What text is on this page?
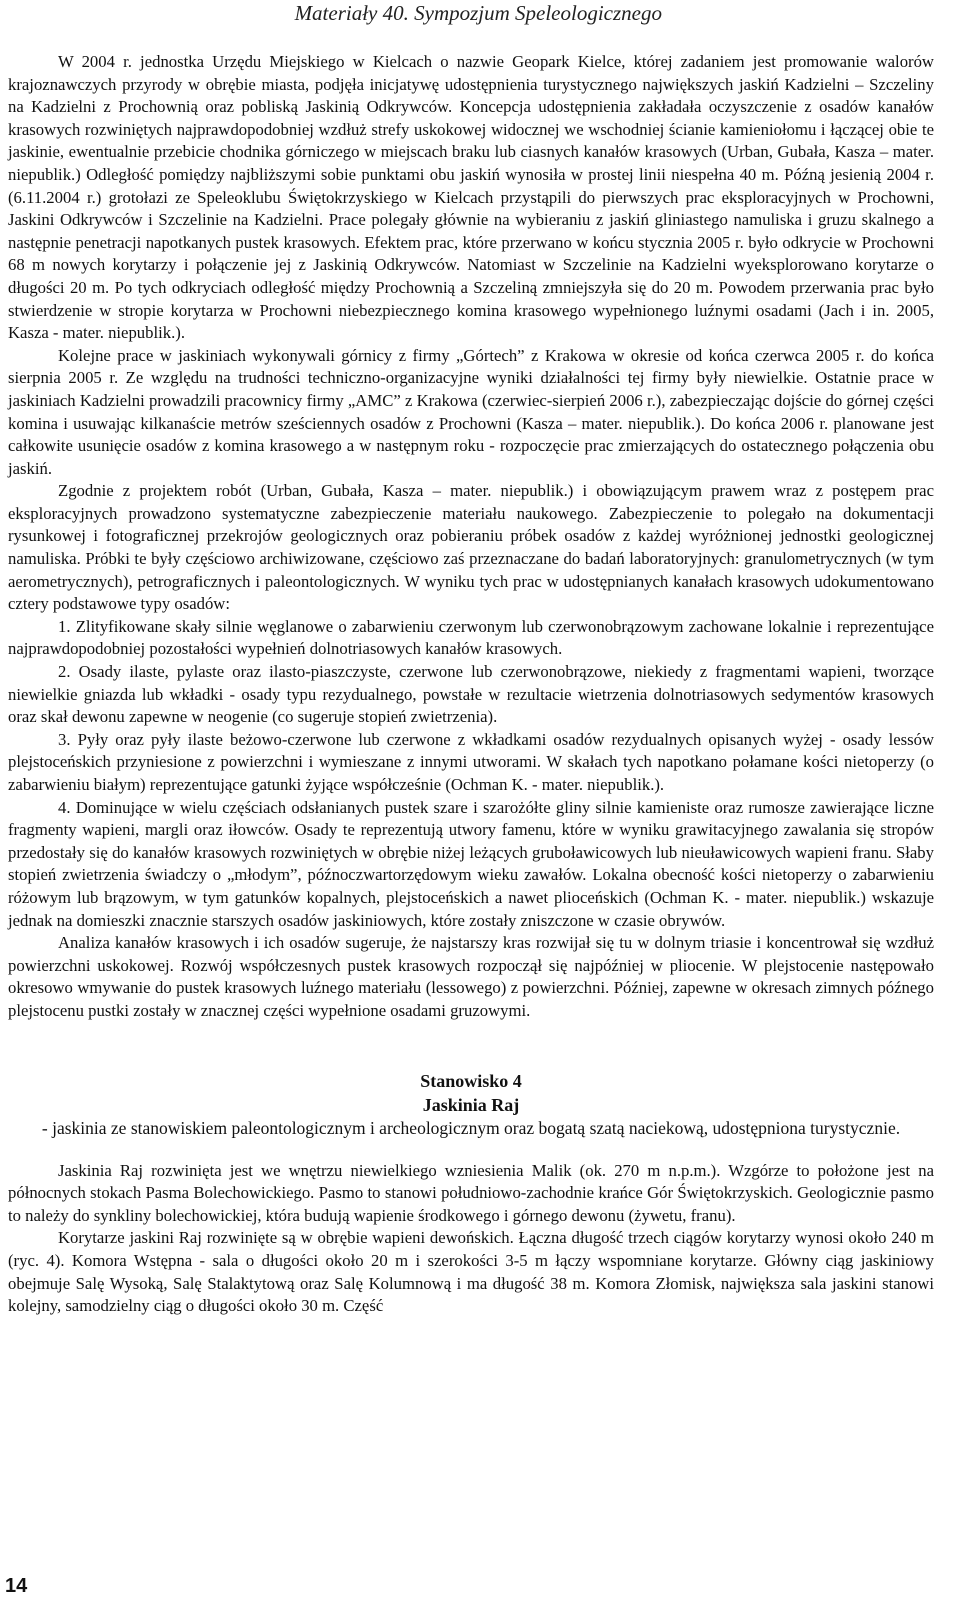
Materiały 40. Sympozjum Speleologicznego

W 2004 r. jednostka Urzędu Miejskiego w Kielcach o nazwie Geopark Kielce, której zadaniem jest promowanie walorów krajoznawczych przyrody w obrębie miasta, podjęła inicjatywę udostępnienia turystycznego największych jaskiń Kadzielni – Szczeliny na Kadzielni z Prochownią oraz pobliską Jaskinią Odkrywców. Koncepcja udostępnienia zakładała oczyszczenie z osadów kanałów krasowych rozwiniętych najprawdopodobniej wzdłuż strefy uskokowej widocznej we wschodniej ścianie kamieniołomu i łączącej obie te jaskinie, ewentualnie przebicie chodnika górniczego w miejscach braku lub ciasnych kanałów krasowych (Urban, Gubała, Kasza – mater. niepublik.) Odległość pomiędzy najbliższymi sobie punktami obu jaskiń wynosiła w prostej linii niespełna 40 m. Późną jesienią 2004 r. (6.11.2004 r.) grotołazi ze Speleoklubu Świętokrzyskiego w Kielcach przystąpili do pierwszych prac eksploracyjnych w Prochowni, Jaskini Odkrywców i Szczelinie na Kadzielni. Prace polegały głównie na wybieraniu z jaskiń gliniastego namuliska i gruzu skalnego a następnie penetracji napotkanych pustek krasowych. Efektem prac, które przerwano w końcu stycznia 2005 r. było odkrycie w Prochowni 68 m nowych korytarzy i połączenie jej z Jaskinią Odkrywców. Natomiast w Szczelinie na Kadzielni wyeksplorowano korytarze o długości 20 m. Po tych odkryciach odległość między Prochownią a Szczeliną zmniejszyła się do 20 m. Powodem przerwania prac było stwierdzenie w stropie korytarza w Prochowni niebezpiecznego komina krasowego wypełnionego luźnymi osadami (Jach i in. 2005, Kasza - mater. niepublik.).

Kolejne prace w jaskiniach wykonywali górnicy z firmy „Górtech” z Krakowa w okresie od końca czerwca 2005 r. do końca sierpnia 2005 r. Ze względu na trudności techniczno-organizacyjne wyniki działalności tej firmy były niewielkie. Ostatnie prace w jaskiniach Kadzielni prowadzili pracownicy firmy „AMC” z Krakowa (czerwiec-sierpień 2006 r.), zabezpieczając dojście do górnej części komina i usuwając kilkanaście metrów sześciennych osadów z Prochowni (Kasza – mater. niepublik.). Do końca 2006 r. planowane jest całkowite usunięcie osadów z komina krasowego a w następnym roku - rozpoczęcie prac zmierzających do ostatecznego połączenia obu jaskiń.

Zgodnie z projektem robót (Urban, Gubała, Kasza – mater. niepublik.) i obowiązującym prawem wraz z postępem prac eksploracyjnych prowadzono systematyczne zabezpieczenie materiału naukowego. Zabezpieczenie to polegało na dokumentacji rysunkowej i fotograficznej przekrojów geologicznych oraz pobieraniu próbek osadów z każdej wyróżnionej jednostki geologicznej namuliska. Próbki te były częściowo archiwizowane, częściowo zaś przeznaczane do badań laboratoryjnych: granulometrycznych (w tym aerometrycznych), petrograficznych i paleontologicznych. W wyniku tych prac w udostępnianych kanałach krasowych udokumentowano cztery podstawowe typy osadów:

1. Zlityfikowane skały silnie węglanowe o zabarwieniu czerwonym lub czerwonobrązowym zachowane lokalnie i reprezentujące najprawdopodobniej pozostałości wypełnień dolnotriasowych kanałów krasowych.

2. Osady ilaste, pylaste oraz ilasto-piaszczyste, czerwone lub czerwonobrązowe, niekiedy z fragmentami wapieni, tworzące niewielkie gniazda lub wkładki - osady typu rezydualnego, powstałe w rezultacie wietrzenia dolnotriasowych sedymentów krasowych oraz skał dewonu zapewne w neogenie (co sugeruje stopień zwietrzenia).

3. Pyły oraz pyły ilaste beżowo-czerwone lub czerwone z wkładkami osadów rezydualnych opisanych wyżej - osady lessów plejstoceńskich przyniesione z powierzchni i wymieszane z innymi utworami. W skałach tych napotkano połamane kości nietoperzy (o zabarwieniu białym) reprezentujące gatunki żyjące współcześnie (Ochman K. - mater. niepublik.).

4. Dominujące w wielu częściach odsłanianych pustek szare i szarożółte gliny silnie kamieniste oraz rumosze zawierające liczne fragmenty wapieni, margli oraz iłowców. Osady te reprezentują utwory famenu, które w wyniku grawitacyjnego zawalania się stropów przedostały się do kanałów krasowych rozwiniętych w obrębie niżej leżących gruboławicowych lub nieuławicowych wapieni franu. Słaby stopień zwietrzenia świadczy o „młodym”, późnoczwartorzędowym wieku zawałów. Lokalna obecność kości nietoperzy o zabarwieniu różowym lub brązowym, w tym gatunków kopalnych, plejstoceńskich a nawet plioceńskich (Ochman K. - mater. niepublik.) wskazuje jednak na domieszki znacznie starszych osadów jaskiniowych, które zostały zniszczone w czasie obrywów.

Analiza kanałów krasowych i ich osadów sugeruje, że najstarszy kras rozwijał się tu w dolnym triasie i koncentrował się wzdłuż powierzchni uskokowej. Rozwój współczesnych pustek krasowych rozpoczął się najpóźniej w pliocenie. W plejstocenie następowało okresowo wmywanie do pustek krasowych luźnego materiału (lessowego) z powierzchni. Później, zapewne w okresach zimnych późnego plejstocenu pustki zostały w znacznej części wypełnione osadami gruzowymi.

Stanowisko 4
Jaskinia Raj
- jaskinia ze stanowiskiem paleontologicznym i archeologicznym oraz bogatą szatą naciekową, udostępniona turystycznie.

Jaskinia Raj rozwinięta jest we wnętrzu niewielkiego wzniesienia Malik (ok. 270 m n.p.m.). Wzgórze to położone jest na północnych stokach Pasma Bolechowickiego. Pasmo to stanowi południowo-zachodnie krańce Gór Świętokrzyskich. Geologicznie pasmo to należy do synkliny bolechowickiej, która budują wapienie środkowego i górnego dewonu (żywetu, franu).

Korytarze jaskini Raj rozwinięte są w obrębie wapieni dewońskich. Łączna długość trzech ciągów korytarzy wynosi około 240 m (ryc. 4). Komora Wstępna - sala o długości około 20 m i szerokości 3-5 m łączy wspomniane korytarze. Główny ciąg jaskiniowy obejmuje Salę Wysoką, Salę Stalaktytową oraz Salę Kolumnową i ma długość 38 m. Komora Złomisk, największa sala jaskini stanowi kolejny, samodzielny ciąg o długości około 30 m. Część

14
